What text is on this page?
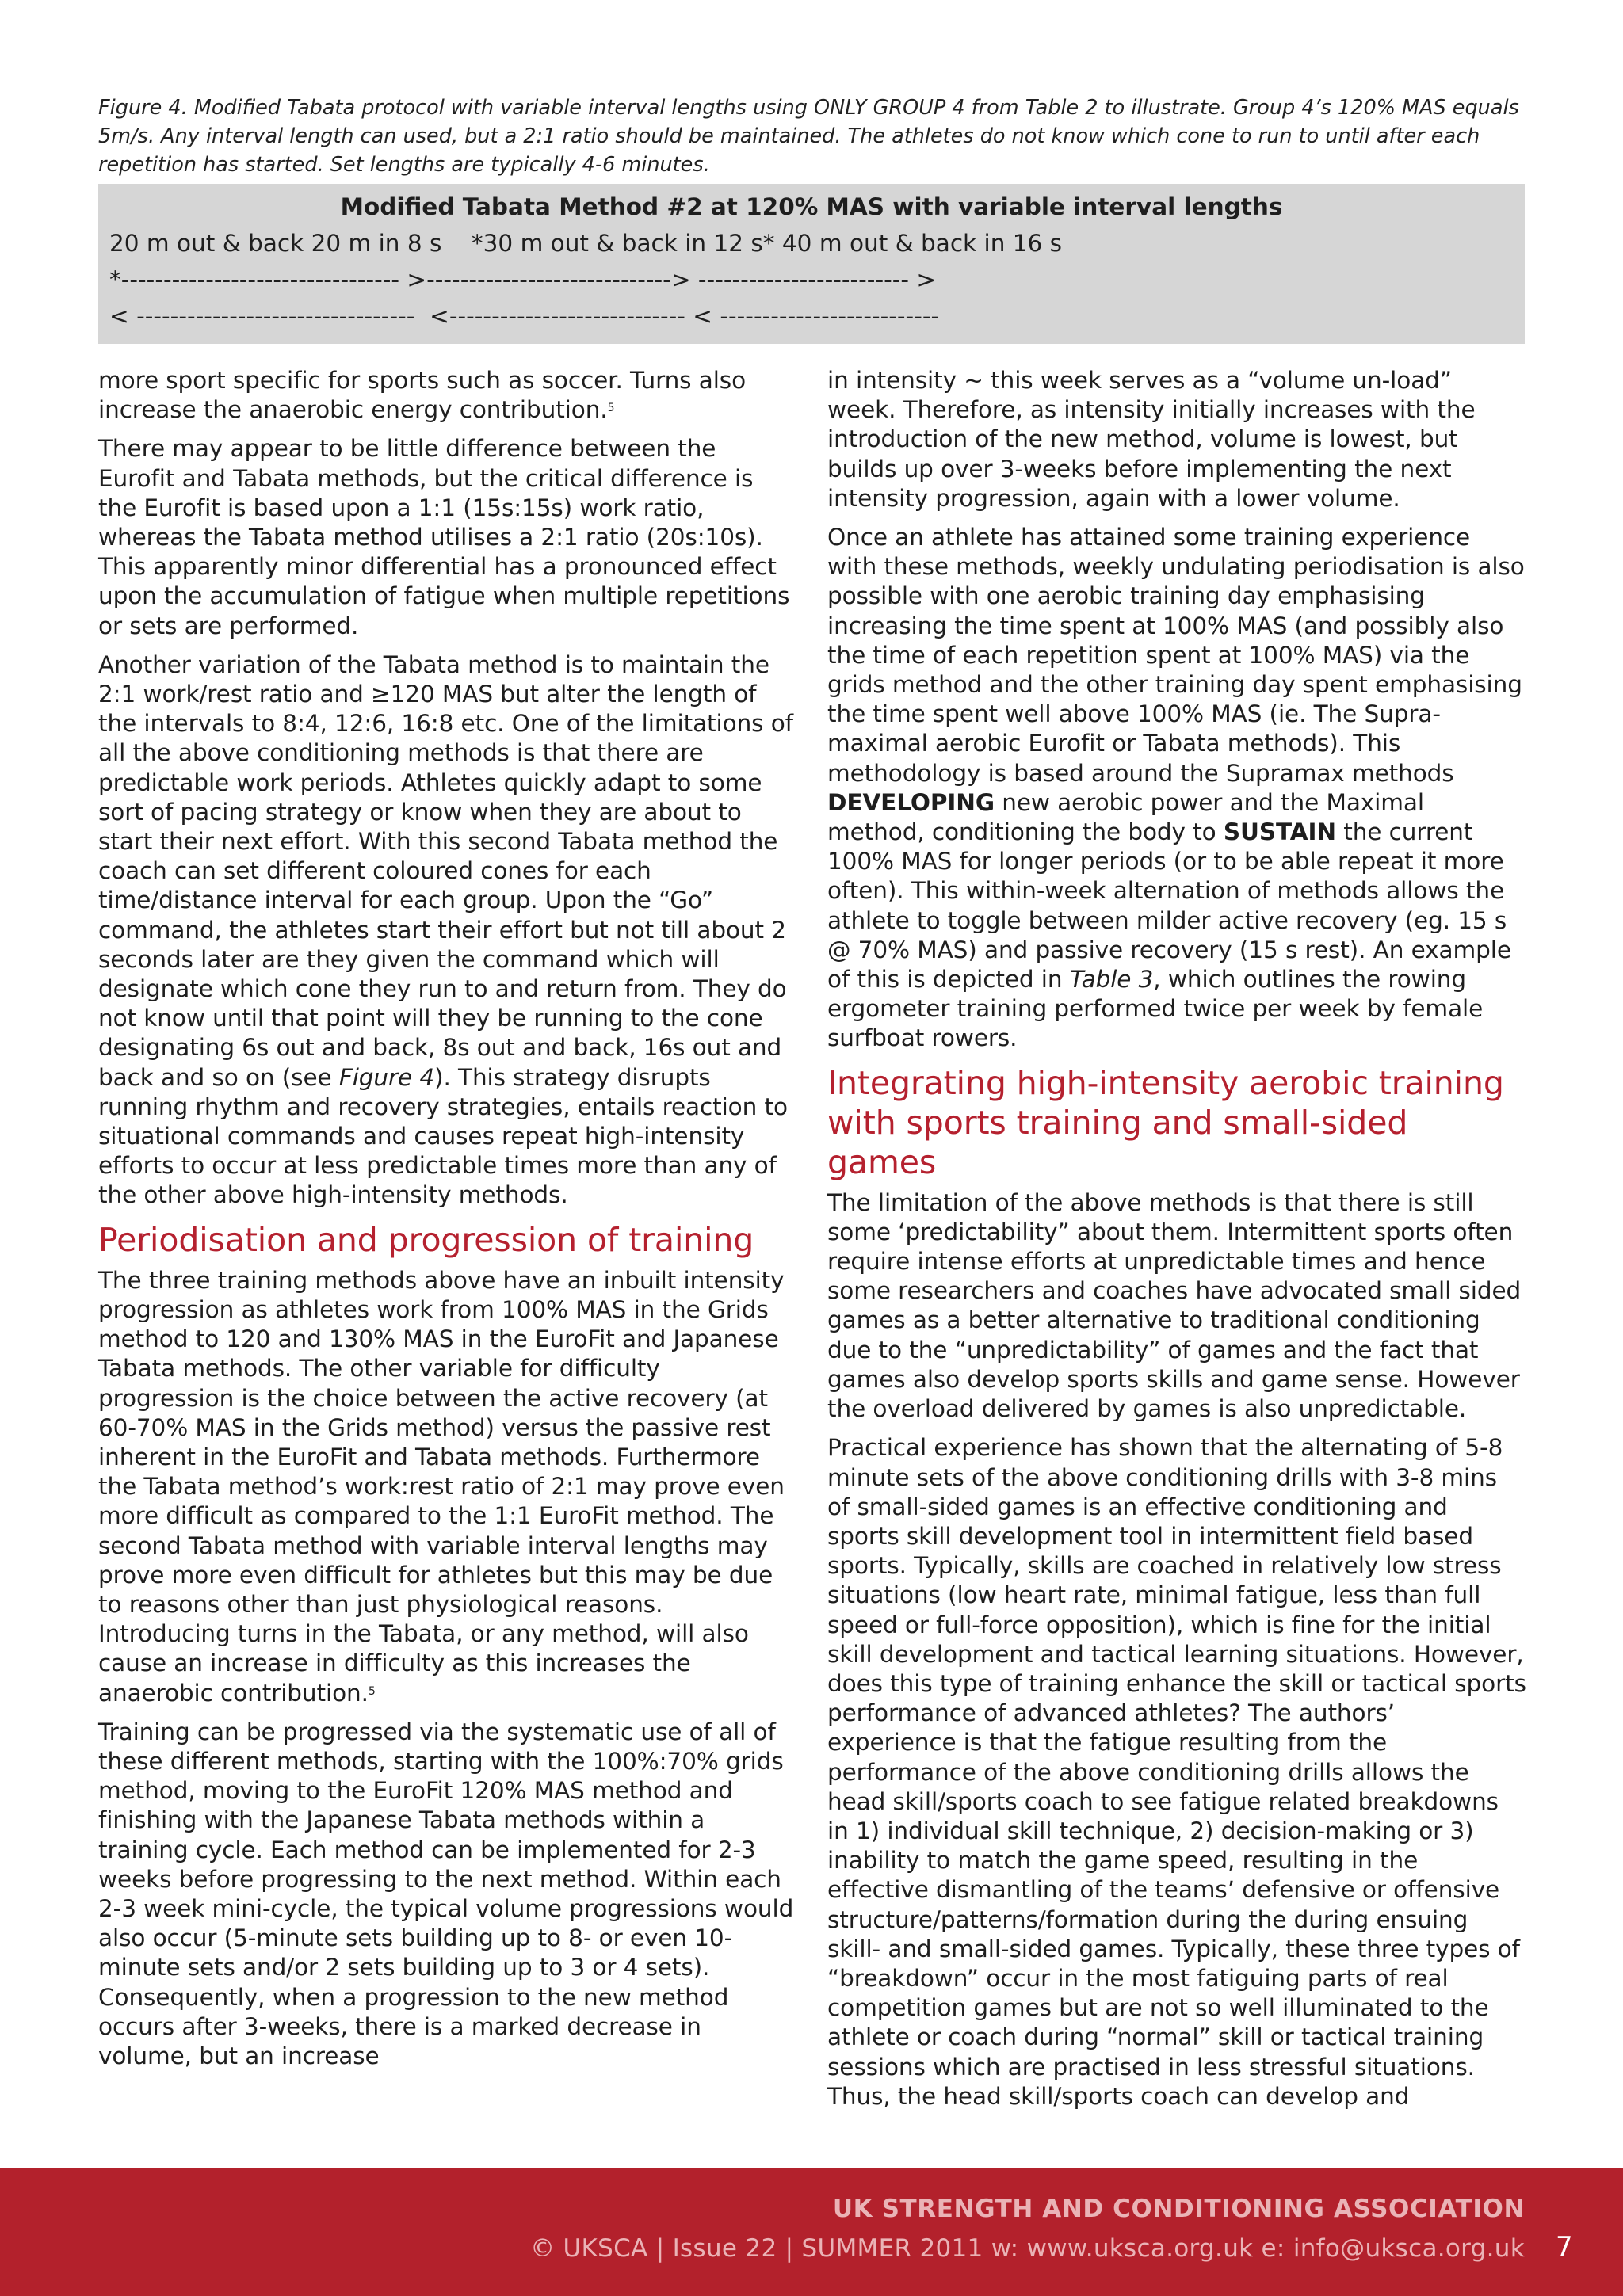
Figure 4. Modified Tabata protocol with variable interval lengths using ONLY GROUP 4 from Table 2 to illustrate. Group 4’s 120% MAS equals 5m/s. Any interval length can used, but a 2:1 ratio should be maintained. The athletes do not know which cone to run to until after each repetition has started. Set lengths are typically 4-6 minutes.
Modified Tabata Method #2 at 120% MAS with variable interval lengths
20 m out & back 20 m in 8 s    *30 m out & back in 12 s* 40 m out & back in 16 s
*--------------------------------- >-----------------------------> ------------------------- >
< ---------------------------------  <---------------------------- < --------------------------

more sport specific for sports such as soccer. Turns also increase the anaerobic energy contribution.$^5$

There may appear to be little difference between the Eurofit and Tabata methods, but the critical difference is the Eurofit is based upon a 1:1 (15s:15s) work ratio, whereas the Tabata method utilises a 2:1 ratio (20s:10s). This apparently minor differential has a pronounced effect upon the accumulation of fatigue when multiple repetitions or sets are performed.

Another variation of the Tabata method is to maintain the 2:1 work/rest ratio and ≥120 MAS but alter the length of the intervals to 8:4, 12:6, 16:8 etc. One of the limitations of all the above conditioning methods is that there are predictable work periods. Athletes quickly adapt to some sort of pacing strategy or know when they are about to start their next effort. With this second Tabata method the coach can set different coloured cones for each time/distance interval for each group. Upon the “Go” command, the athletes start their effort but not till about 2 seconds later are they given the command which will designate which cone they run to and return from. They do not know until that point will they be running to the cone designating 6s out and back, 8s out and back, 16s out and back and so on (see Figure 4). This strategy disrupts running rhythm and recovery strategies, entails reaction to situational commands and causes repeat high-intensity efforts to occur at less predictable times more than any of the other above high-intensity methods.

Periodisation and progression of training

The three training methods above have an inbuilt intensity progression as athletes work from 100% MAS in the Grids method to 120 and 130% MAS in the EuroFit and Japanese Tabata methods. The other variable for difficulty progression is the choice between the active recovery (at 60-70% MAS in the Grids method) versus the passive rest inherent in the EuroFit and Tabata methods. Furthermore the Tabata method’s work:rest ratio of 2:1 may prove even more difficult as compared to the 1:1 EuroFit method. The second Tabata method with variable interval lengths may prove more even difficult for athletes but this may be due to reasons other than just physiological reasons. Introducing turns in the Tabata, or any method, will also cause an increase in difficulty as this increases the anaerobic contribution.$^5$

Training can be progressed via the systematic use of all of these different methods, starting with the 100%:70% grids method, moving to the EuroFit 120% MAS method and finishing with the Japanese Tabata methods within a training cycle. Each method can be implemented for 2-3 weeks before progressing to the next method. Within each 2-3 week mini-cycle, the typical volume progressions would also occur (5-minute sets building up to 8- or even 10-minute sets and/or 2 sets building up to 3 or 4 sets). Consequently, when a progression to the new method occurs after 3-weeks, there is a marked decrease in volume, but an increase

in intensity ~ this week serves as a “volume un-load” week. Therefore, as intensity initially increases with the introduction of the new method, volume is lowest, but builds up over 3-weeks before implementing the next intensity progression, again with a lower volume.

Once an athlete has attained some training experience with these methods, weekly undulating periodisation is also possible with one aerobic training day emphasising increasing the time spent at 100% MAS (and possibly also the time of each repetition spent at 100% MAS) via the grids method and the other training day spent emphasising the time spent well above 100% MAS (ie. The Supra-maximal aerobic Eurofit or Tabata methods). This methodology is based around the Supramax methods DEVELOPING new aerobic power and the Maximal method, conditioning the body to SUSTAIN the current 100% MAS for longer periods (or to be able repeat it more often). This within-week alternation of methods allows the athlete to toggle between milder active recovery (eg. 15 s @ 70% MAS) and passive recovery (15 s rest). An example of this is depicted in Table 3, which outlines the rowing ergometer training performed twice per week by female surfboat rowers.

Integrating high-intensity aerobic training with sports training and small-sided games

The limitation of the above methods is that there is still some ‘predictability” about them. Intermittent sports often require intense efforts at unpredictable times and hence some researchers and coaches have advocated small sided games as a better alternative to traditional conditioning due to the “unpredictability” of games and the fact that games also develop sports skills and game sense. However the overload delivered by games is also unpredictable.

Practical experience has shown that the alternating of 5-8 minute sets of the above conditioning drills with 3-8 mins of small-sided games is an effective conditioning and sports skill development tool in intermittent field based sports. Typically, skills are coached in relatively low stress situations (low heart rate, minimal fatigue, less than full speed or full-force opposition), which is fine for the initial skill development and tactical learning situations. However, does this type of training enhance the skill or tactical sports performance of advanced athletes? The authors’ experience is that the fatigue resulting from the performance of the above conditioning drills allows the head skill/sports coach to see fatigue related breakdowns in 1) individual skill technique, 2) decision-making or 3) inability to match the game speed, resulting in the effective dismantling of the teams’ defensive or offensive structure/patterns/formation during the during ensuing skill- and small-sided games. Typically, these three types of “breakdown” occur in the most fatiguing parts of real competition games but are not so well illuminated to the athlete or coach during “normal” skill or tactical training sessions which are practised in less stressful situations. Thus, the head skill/sports coach can develop and

UK STRENGTH AND CONDITIONING ASSOCIATION
© UKSCA | Issue 22 | SUMMER 2011 w: www.uksca.org.uk e: info@uksca.org.uk 7
